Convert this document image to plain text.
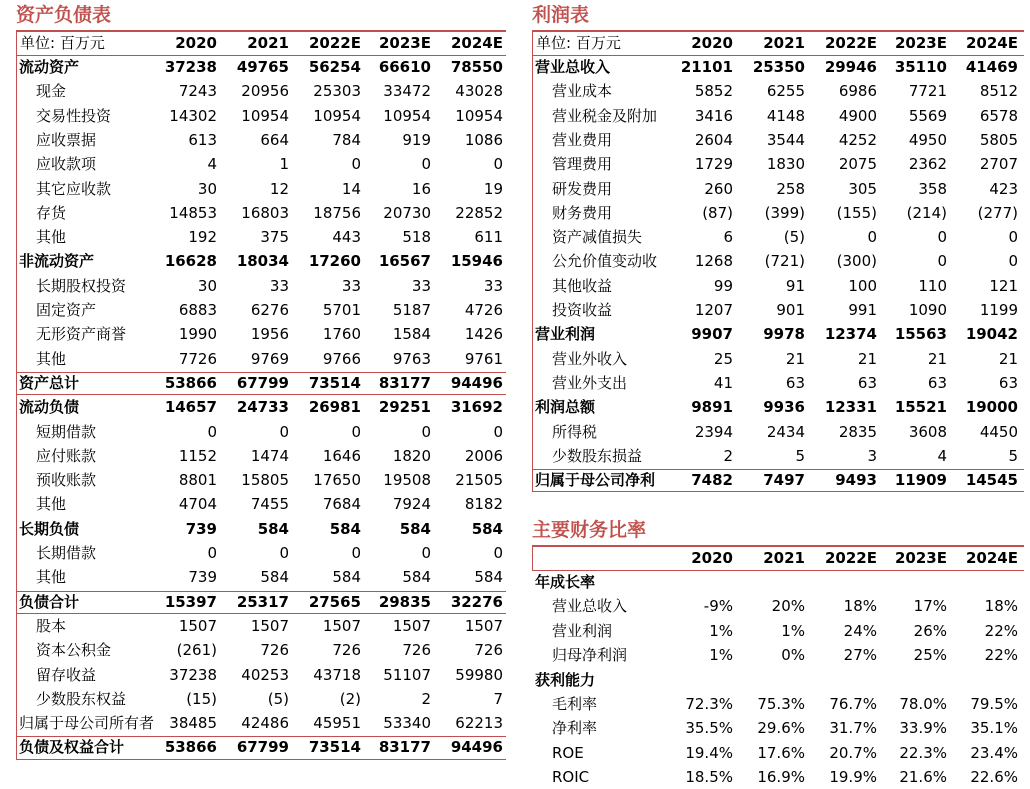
资产负债表
单位: 百万元	2020	2021	2022E	2023E	2024E
流动资产	37238	49765	56254	66610	78550
现金	7243	20956	25303	33472	43028
交易性投资	14302	10954	10954	10954	10954
应收票据	613	664	784	919	1086
应收款项	4	1	0	0	0
其它应收款	30	12	14	16	19
存货	14853	16803	18756	20730	22852
其他	192	375	443	518	611
非流动资产	16628	18034	17260	16567	15946
长期股权投资	30	33	33	33	33
固定资产	6883	6276	5701	5187	4726
无形资产商誉	1990	1956	1760	1584	1426
其他	7726	9769	9766	9763	9761
资产总计	53866	67799	73514	83177	94496
流动负债	14657	24733	26981	29251	31692
短期借款	0	0	0	0	0
应付账款	1152	1474	1646	1820	2006
预收账款	8801	15805	17650	19508	21505
其他	4704	7455	7684	7924	8182
长期负债	739	584	584	584	584
长期借款	0	0	0	0	0
其他	739	584	584	584	584
负债合计	15397	25317	27565	29835	32276
股本	1507	1507	1507	1507	1507
资本公积金	(261)	726	726	726	726
留存收益	37238	40253	43718	51107	59980
少数股东权益	(15)	(5)	(2)	2	7
归属于母公司所有者	38485	42486	45951	53340	62213
负债及权益合计	53866	67799	73514	83177	94496
利润表
单位: 百万元	2020	2021	2022E	2023E	2024E
营业总收入	21101	25350	29946	35110	41469
营业成本	5852	6255	6986	7721	8512
营业税金及附加	3416	4148	4900	5569	6578
营业费用	2604	3544	4252	4950	5805
管理费用	1729	1830	2075	2362	2707
研发费用	260	258	305	358	423
财务费用	(87)	(399)	(155)	(214)	(277)
资产减值损失	6	(5)	0	0	0
公允价值变动收	1268	(721)	(300)	0	0
其他收益	99	91	100	110	121
投资收益	1207	901	991	1090	1199
营业利润	9907	9978	12374	15563	19042
营业外收入	25	21	21	21	21
营业外支出	41	63	63	63	63
利润总额	9891	9936	12331	15521	19000
所得税	2394	2434	2835	3608	4450
少数股东损益	2	5	3	4	5
归属于母公司净利	7482	7497	9493	11909	14545
主要财务比率
2020	2021	2022E	2023E	2024E
年成长率
营业总收入	-9%	20%	18%	17%	18%
营业利润	1%	1%	24%	26%	22%
归母净利润	1%	0%	27%	25%	22%
获利能力
毛利率	72.3%	75.3%	76.7%	78.0%	79.5%
净利率	35.5%	29.6%	31.7%	33.9%	35.1%
ROE	19.4%	17.6%	20.7%	22.3%	23.4%
ROIC	18.5%	16.9%	19.9%	21.6%	22.6%
